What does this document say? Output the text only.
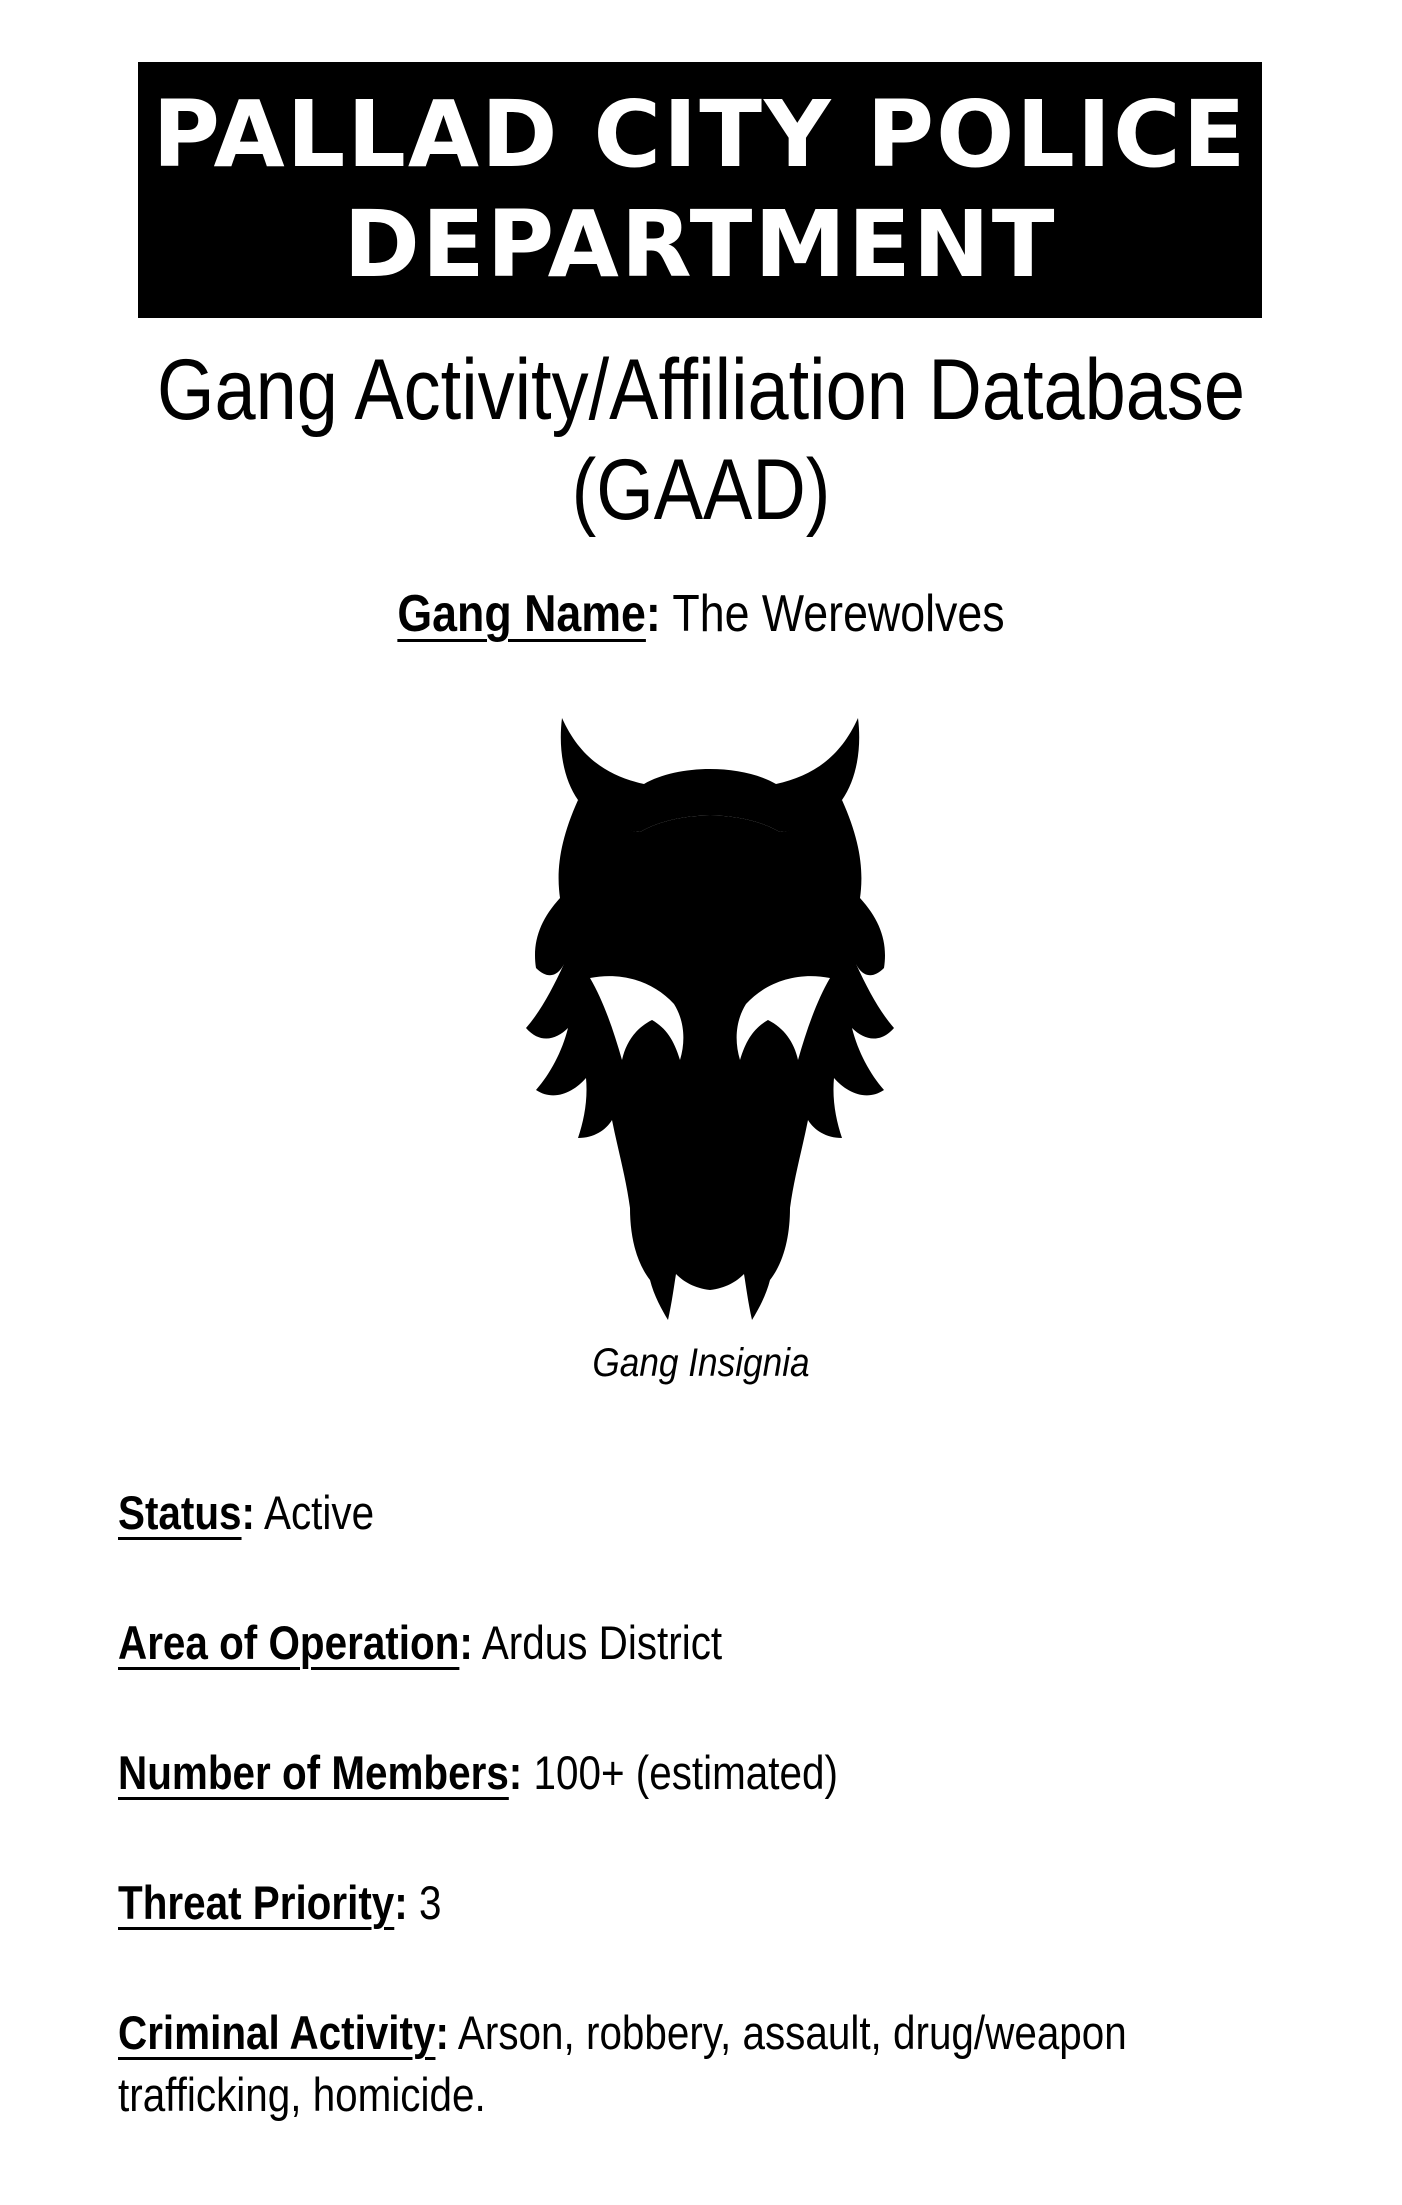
PALLAD CITY POLICE
DEPARTMENT
Gang Activity/Affiliation Database
(GAAD)
Gang Name: The Werewolves
Gang Insignia
Status: Active
Area of Operation: Ardus District
Number of Members: 100+ (estimated)
Threat Priority: 3
Criminal Activity: Arson, robbery, assault, drug/weapon trafficking, homicide.
